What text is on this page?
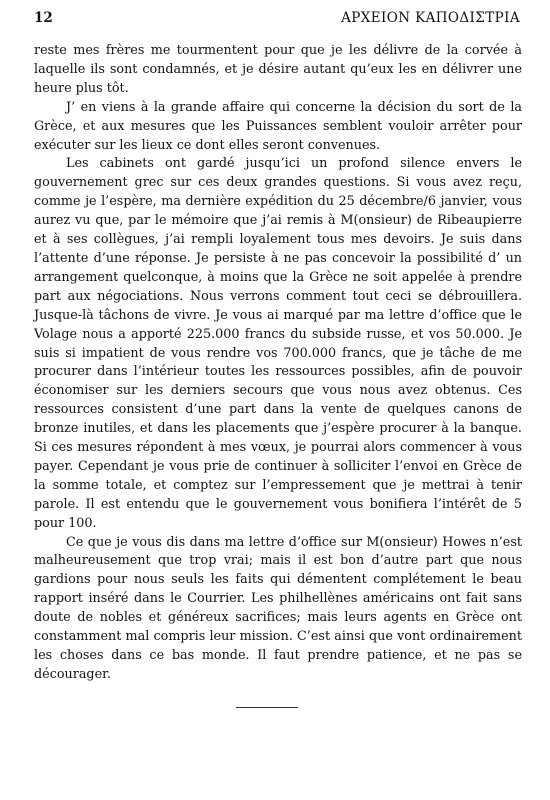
12	ΑΡΧΕΙΟΝ ΚΑΠΟΔΙΣΤΡΙΑ

reste mes frères me tourmentent pour que je les délivre de la corvée à laquelle ils sont condamnés, et je désire autant qu’eux les en délivrer une heure plus tôt.

J’ en viens à la grande affaire qui concerne la décision du sort de la Grèce, et aux mesures que les Puissances semblent vouloir arrêter pour exécuter sur les lieux ce dont elles seront convenues.

Les cabinets ont gardé jusqu’ici un profond silence envers le gouvernement grec sur ces deux grandes questions. Si vous avez reçu, comme je l’espère, ma dernière expédition du 25 décembre/6 janvier, vous aurez vu que, par le mémoire que j’ai remis à M(onsieur) de Ribeaupierre et à ses collègues, j’ai rempli loyalement tous mes devoirs. Je suis dans l’attente d’une réponse. Je persiste à ne pas concevoir la possibilité d’ un arrangement quelconque, à moins que la Grèce ne soit appelée à prendre part aux négociations. Nous verrons comment tout ceci se débrouillera. Jusque-là tâchons de vivre. Je vous ai marqué par ma lettre d’office que le Volage nous a apporté 225.000 francs du subside russe, et vos 50.000. Je suis si impatient de vous rendre vos 700.000 francs, que je tâche de me procurer dans l’intérieur toutes les ressources possibles, afin de pouvoir économiser sur les derniers secours que vous nous avez obtenus. Ces ressources consistent d’une part dans la vente de quelques canons de bronze inutiles, et dans les placements que j’espère procurer à la banque. Si ces mesures répondent à mes vœux, je pourrai alors commencer à vous payer. Cependant je vous prie de continuer à solliciter l’envoi en Grèce de la somme totale, et comptez sur l’empressement que je mettrai à tenir parole. Il est entendu que le gouvernement vous bonifiera l’intérêt de 5 pour 100.

Ce que je vous dis dans ma lettre d’office sur M(onsieur) Howes n’est malheureusement que trop vrai; mais il est bon d’autre part que nous gardions pour nous seuls les faits qui démentent complétement le beau rapport inséré dans le Courrier. Les philhellènes américains ont fait sans doute de nobles et généreux sacrifices; mais leurs agents en Grèce ont constamment mal compris leur mission. C’est ainsi que vont ordinairement les choses dans ce bas monde. Il faut prendre patience, et ne pas se décourager.
